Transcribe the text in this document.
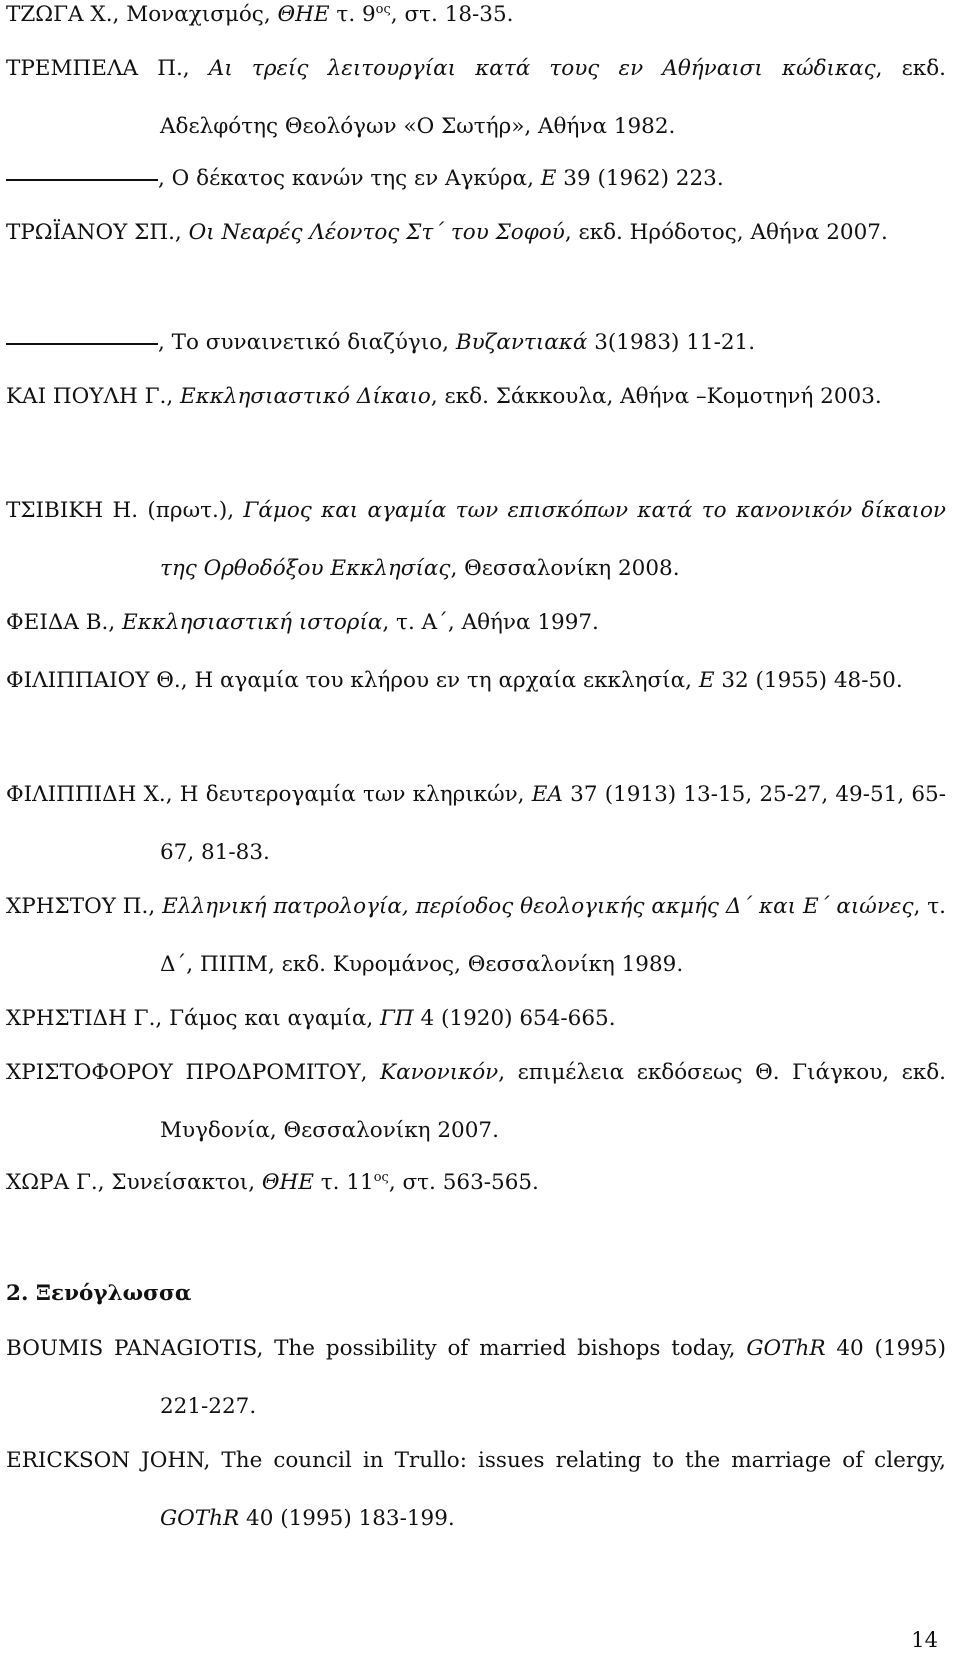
ΤΖΩΓΑ Χ., Μοναχισμός, ΘΗΕ τ. $9^{o\varsigma}$, στ. 18-35.
ΤΡΕΜΠΕΛΑ Π., Αι τρείς λειτουργίαι κατά τους εν Αθήναισι κώδικας, εκδ. Αδελφότης Θεολόγων «Ο Σωτήρ», Αθήνα 1982.
, Ο δέκατος κανών της εν Αγκύρα, Ε 39 (1962) 223.
ΤΡΩΪΑΝΟΥ ΣΠ., Οι Νεαρές Λέοντος Στ΄ του Σοφού, εκδ. Ηρόδοτος, Αθήνα 2007.
, Το συναινετικό διαζύγιο, Βυζαντιακά 3(1983) 11-21.
ΚΑΙ ΠΟΥΛΗ Γ., Εκκλησιαστικό Δίκαιο, εκδ. Σάκκουλα, Αθήνα –Κομοτηνή 2003.
ΤΣΙΒΙΚΗ Η. (πρωτ.), Γάμος και αγαμία των επισκόπων κατά το κανονικόν δίκαιον της Ορθοδόξου Εκκλησίας, Θεσσαλονίκη 2008.
ΦΕΙΔΑ Β., Εκκλησιαστική ιστορία, τ. Α΄, Αθήνα 1997.
ΦΙΛΙΠΠΑΙΟΥ Θ., Η αγαμία του κλήρου εν τη αρχαία εκκλησία, Ε 32 (1955) 48-50.
ΦΙΛΙΠΠΙΔΗ Χ., Η δευτερογαμία των κληρικών, ΕΑ 37 (1913) 13-15, 25-27, 49-51, 65-67, 81-83.
ΧΡΗΣΤΟΥ Π., Ελληνική πατρολογία, περίοδος θεολογικής ακμής Δ΄ και Ε΄ αιώνες, τ. Δ΄, ΠΙΠΜ, εκδ. Κυρομάνος, Θεσσαλονίκη 1989.
ΧΡΗΣΤΙΔΗ Γ., Γάμος και αγαμία, ΓΠ 4 (1920) 654-665.
ΧΡΙΣΤΟΦΟΡΟΥ ΠΡΟΔΡΟΜΙΤΟΥ, Κανονικόν, επιμέλεια εκδόσεως Θ. Γιάγκου, εκδ. Μυγδονία, Θεσσαλονίκη 2007.
ΧΩΡΑ Γ., Συνείσακτοι, ΘΗΕ τ. $11^{o\varsigma}$, στ. 563-565.
2. Ξενόγλωσσα
BOUMIS PANAGIOTIS, The possibility of married bishops today, GOThR 40 (1995) 221-227.
ERICKSON JOHN, The council in Trullo: issues relating to the marriage of clergy, GOThR 40 (1995) 183-199.
14
